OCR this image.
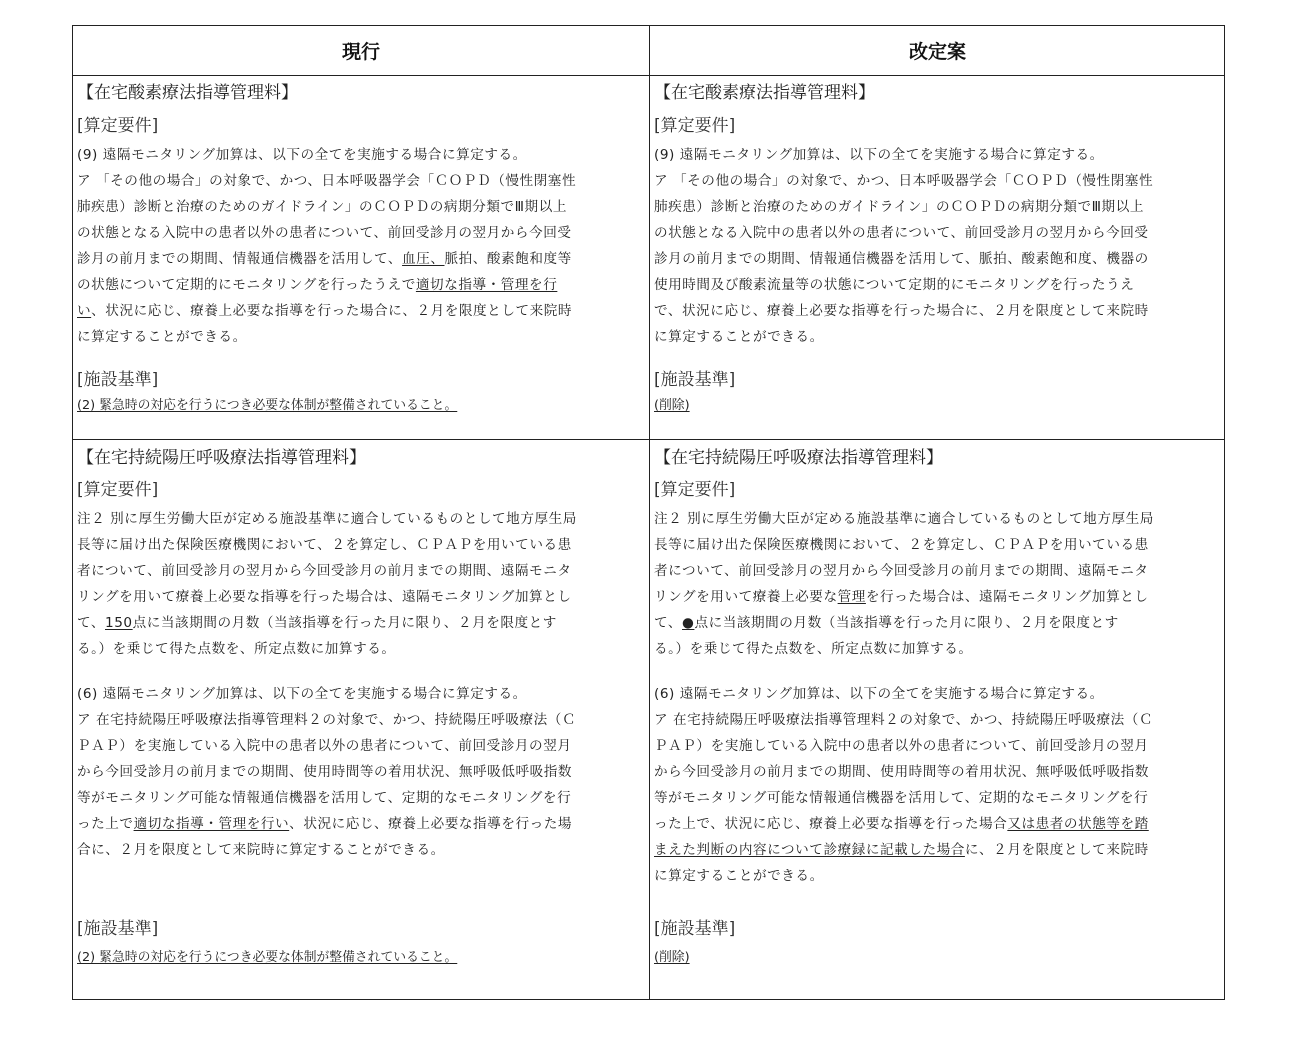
現行	改定案
【在宅酸素療法指導管理料】
[算定要件]
(9) 遠隔モニタリング加算は、以下の全てを実施する場合に算定する。
ア 「その他の場合」の対象で、かつ、日本呼吸器学会「ＣＯＰＤ（慢性閉塞性
肺疾患）診断と治療のためのガイドライン」のＣＯＰＤの病期分類でⅢ期以上
の状態となる入院中の患者以外の患者について、前回受診月の翌月から今回受
診月の前月までの期間、情報通信機器を活用して、血圧、脈拍、酸素飽和度等
の状態について定期的にモニタリングを行ったうえで適切な指導・管理を行
い、状況に応じ、療養上必要な指導を行った場合に、２月を限度として来院時
に算定することができる。
[施設基準]
(2) 緊急時の対応を行うにつき必要な体制が整備されていること。
【在宅酸素療法指導管理料】
[算定要件]
(9) 遠隔モニタリング加算は、以下の全てを実施する場合に算定する。
ア 「その他の場合」の対象で、かつ、日本呼吸器学会「ＣＯＰＤ（慢性閉塞性
肺疾患）診断と治療のためのガイドライン」のＣＯＰＤの病期分類でⅢ期以上
の状態となる入院中の患者以外の患者について、前回受診月の翌月から今回受
診月の前月までの期間、情報通信機器を活用して、脈拍、酸素飽和度、機器の
使用時間及び酸素流量等の状態について定期的にモニタリングを行ったうえ
で、状況に応じ、療養上必要な指導を行った場合に、２月を限度として来院時
に算定することができる。
[施設基準]
(削除)
【在宅持続陽圧呼吸療法指導管理料】
[算定要件]
注２ 別に厚生労働大臣が定める施設基準に適合しているものとして地方厚生局
長等に届け出た保険医療機関において、２を算定し、ＣＰＡＰを用いている患
者について、前回受診月の翌月から今回受診月の前月までの期間、遠隔モニタ
リングを用いて療養上必要な指導を行った場合は、遠隔モニタリング加算とし
て、150点に当該期間の月数（当該指導を行った月に限り、２月を限度とす
る。）を乗じて得た点数を、所定点数に加算する。
(6) 遠隔モニタリング加算は、以下の全てを実施する場合に算定する。
ア 在宅持続陽圧呼吸療法指導管理料２の対象で、かつ、持続陽圧呼吸療法（Ｃ
ＰＡＰ）を実施している入院中の患者以外の患者について、前回受診月の翌月
から今回受診月の前月までの期間、使用時間等の着用状況、無呼吸低呼吸指数
等がモニタリング可能な情報通信機器を活用して、定期的なモニタリングを行
った上で適切な指導・管理を行い、状況に応じ、療養上必要な指導を行った場
合に、２月を限度として来院時に算定することができる。
[施設基準]
(2) 緊急時の対応を行うにつき必要な体制が整備されていること。
【在宅持続陽圧呼吸療法指導管理料】
[算定要件]
注２ 別に厚生労働大臣が定める施設基準に適合しているものとして地方厚生局
長等に届け出た保険医療機関において、２を算定し、ＣＰＡＰを用いている患
者について、前回受診月の翌月から今回受診月の前月までの期間、遠隔モニタ
リングを用いて療養上必要な管理を行った場合は、遠隔モニタリング加算とし
て、●点に当該期間の月数（当該指導を行った月に限り、２月を限度とす
る。）を乗じて得た点数を、所定点数に加算する。
(6) 遠隔モニタリング加算は、以下の全てを実施する場合に算定する。
ア 在宅持続陽圧呼吸療法指導管理料２の対象で、かつ、持続陽圧呼吸療法（Ｃ
ＰＡＰ）を実施している入院中の患者以外の患者について、前回受診月の翌月
から今回受診月の前月までの期間、使用時間等の着用状況、無呼吸低呼吸指数
等がモニタリング可能な情報通信機器を活用して、定期的なモニタリングを行
った上で、状況に応じ、療養上必要な指導を行った場合又は患者の状態等を踏
まえた判断の内容について診療録に記載した場合に、２月を限度として来院時
に算定することができる。
[施設基準]
(削除)
